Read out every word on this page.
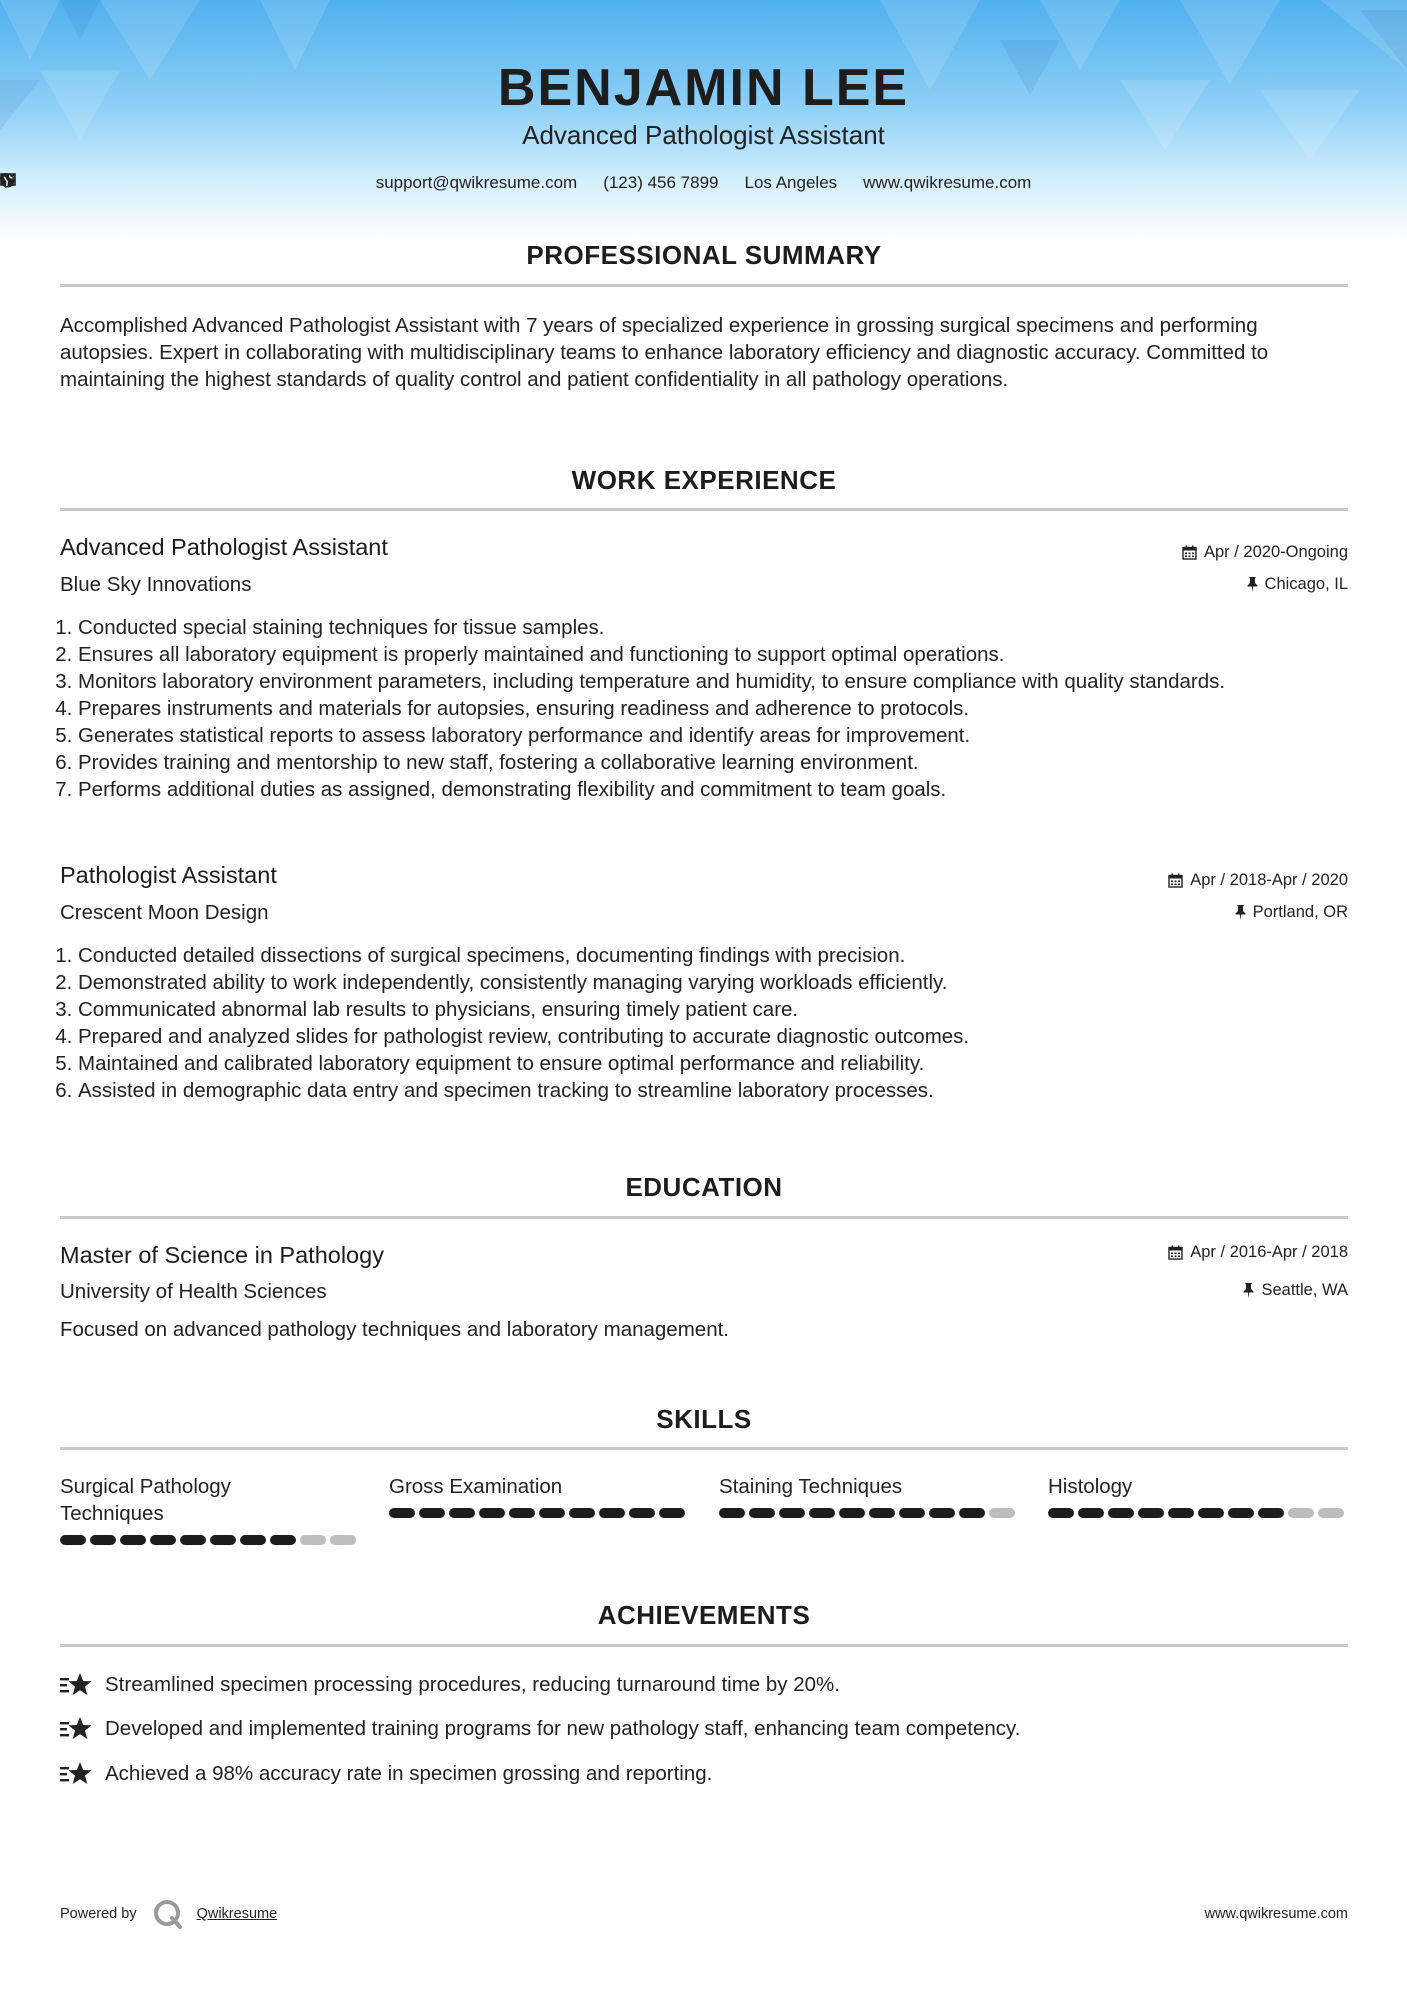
BENJAMIN LEE
Advanced Pathologist Assistant
support@qwikresume.com (123) 456 7899 Los Angeles www.qwikresume.com
PROFESSIONAL SUMMARY
Accomplished Advanced Pathologist Assistant with 7 years of specialized experience in grossing surgical specimens and performing autopsies. Expert in collaborating with multidisciplinary teams to enhance laboratory efficiency and diagnostic accuracy. Committed to maintaining the highest standards of quality control and patient confidentiality in all pathology operations.
WORK EXPERIENCE
Advanced Pathologist Assistant	Apr / 2020-Ongoing
Blue Sky Innovations	Chicago, IL
1. Conducted special staining techniques for tissue samples.
2. Ensures all laboratory equipment is properly maintained and functioning to support optimal operations.
3. Monitors laboratory environment parameters, including temperature and humidity, to ensure compliance with quality standards.
4. Prepares instruments and materials for autopsies, ensuring readiness and adherence to protocols.
5. Generates statistical reports to assess laboratory performance and identify areas for improvement.
6. Provides training and mentorship to new staff, fostering a collaborative learning environment.
7. Performs additional duties as assigned, demonstrating flexibility and commitment to team goals.
Pathologist Assistant	Apr / 2018-Apr / 2020
Crescent Moon Design	Portland, OR
1. Conducted detailed dissections of surgical specimens, documenting findings with precision.
2. Demonstrated ability to work independently, consistently managing varying workloads efficiently.
3. Communicated abnormal lab results to physicians, ensuring timely patient care.
4. Prepared and analyzed slides for pathologist review, contributing to accurate diagnostic outcomes.
5. Maintained and calibrated laboratory equipment to ensure optimal performance and reliability.
6. Assisted in demographic data entry and specimen tracking to streamline laboratory processes.
EDUCATION
Master of Science in Pathology	Apr / 2016-Apr / 2018
University of Health Sciences	Seattle, WA
Focused on advanced pathology techniques and laboratory management.
SKILLS
Surgical Pathology Techniques
Gross Examination	Staining Techniques	Histology
ACHIEVEMENTS
Streamlined specimen processing procedures, reducing turnaround time by 20%.
Developed and implemented training programs for new pathology staff, enhancing team competency.
Achieved a 98% accuracy rate in specimen grossing and reporting.
Powered by	Qwikresume	www.qwikresume.com
